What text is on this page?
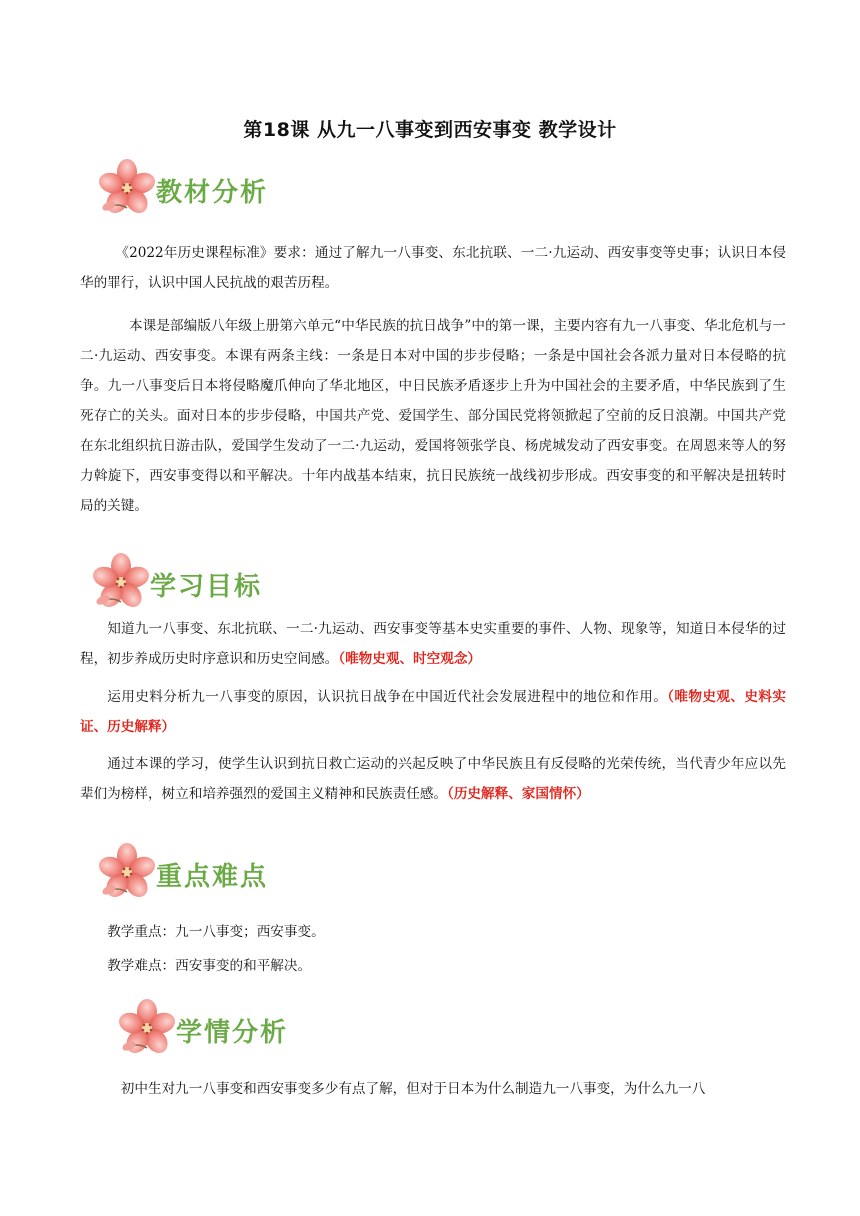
第18课 从九一八事变到西安事变 教学设计
教材分析

《2022年历史课程标准》要求：通过了解九一八事变、东北抗联、一二·九运动、西安事变等史事；认识日本侵华的罪行，认识中国人民抗战的艰苦历程。

本课是部编版八年级上册第六单元“中华民族的抗日战争”中的第一课，主要内容有九一八事变、华北危机与一二·九运动、西安事变。本课有两条主线：一条是日本对中国的步步侵略；一条是中国社会各派力量对日本侵略的抗争。九一八事变后日本将侵略魔爪伸向了华北地区，中日民族矛盾逐步上升为中国社会的主要矛盾，中华民族到了生死存亡的关头。面对日本的步步侵略，中国共产党、爱国学生、部分国民党将领掀起了空前的反日浪潮。中国共产党在东北组织抗日游击队，爱国学生发动了一二·九运动，爱国将领张学良、杨虎城发动了西安事变。在周恩来等人的努力斡旋下，西安事变得以和平解决。十年内战基本结束，抗日民族统一战线初步形成。西安事变的和平解决是扭转时局的关键。

学习目标

知道九一八事变、东北抗联、一二·九运动、西安事变等基本史实重要的事件、人物、现象等，知道日本侵华的过程，初步养成历史时序意识和历史空间感。（唯物史观、时空观念）

运用史料分析九一八事变的原因，认识抗日战争在中国近代社会发展进程中的地位和作用。（唯物史观、史料实证、历史解释）

通过本课的学习，使学生认识到抗日救亡运动的兴起反映了中华民族且有反侵略的光荣传统，当代青少年应以先辈们为榜样，树立和培养强烈的爱国主义精神和民族责任感。（历史解释、家国情怀）

重点难点

教学重点：九一八事变；西安事变。

教学难点：西安事变的和平解决。

学情分析

初中生对九一八事变和西安事变多少有点了解，但对于日本为什么制造九一八事变，为什么九一八
